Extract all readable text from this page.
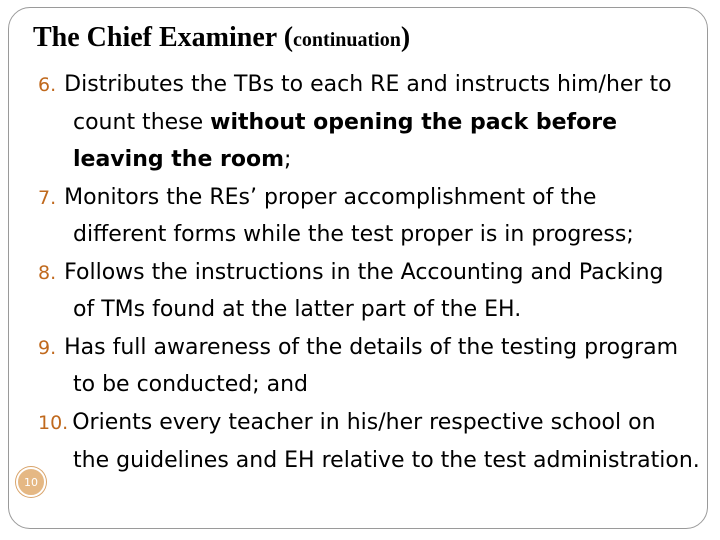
The Chief Examiner (continuation)
6. Distributes the TBs to each RE and instructs him/her to
count these without opening the pack before
leaving the room;
7. Monitors the REs’ proper accomplishment of the
different forms while the test proper is in progress;
8. Follows the instructions in the Accounting and Packing
of TMs found at the latter part of the EH.
9. Has full awareness of the details of the testing program
to be conducted; and
10. Orients every teacher in his/her respective school on
the guidelines and EH relative to the test administration.
10
